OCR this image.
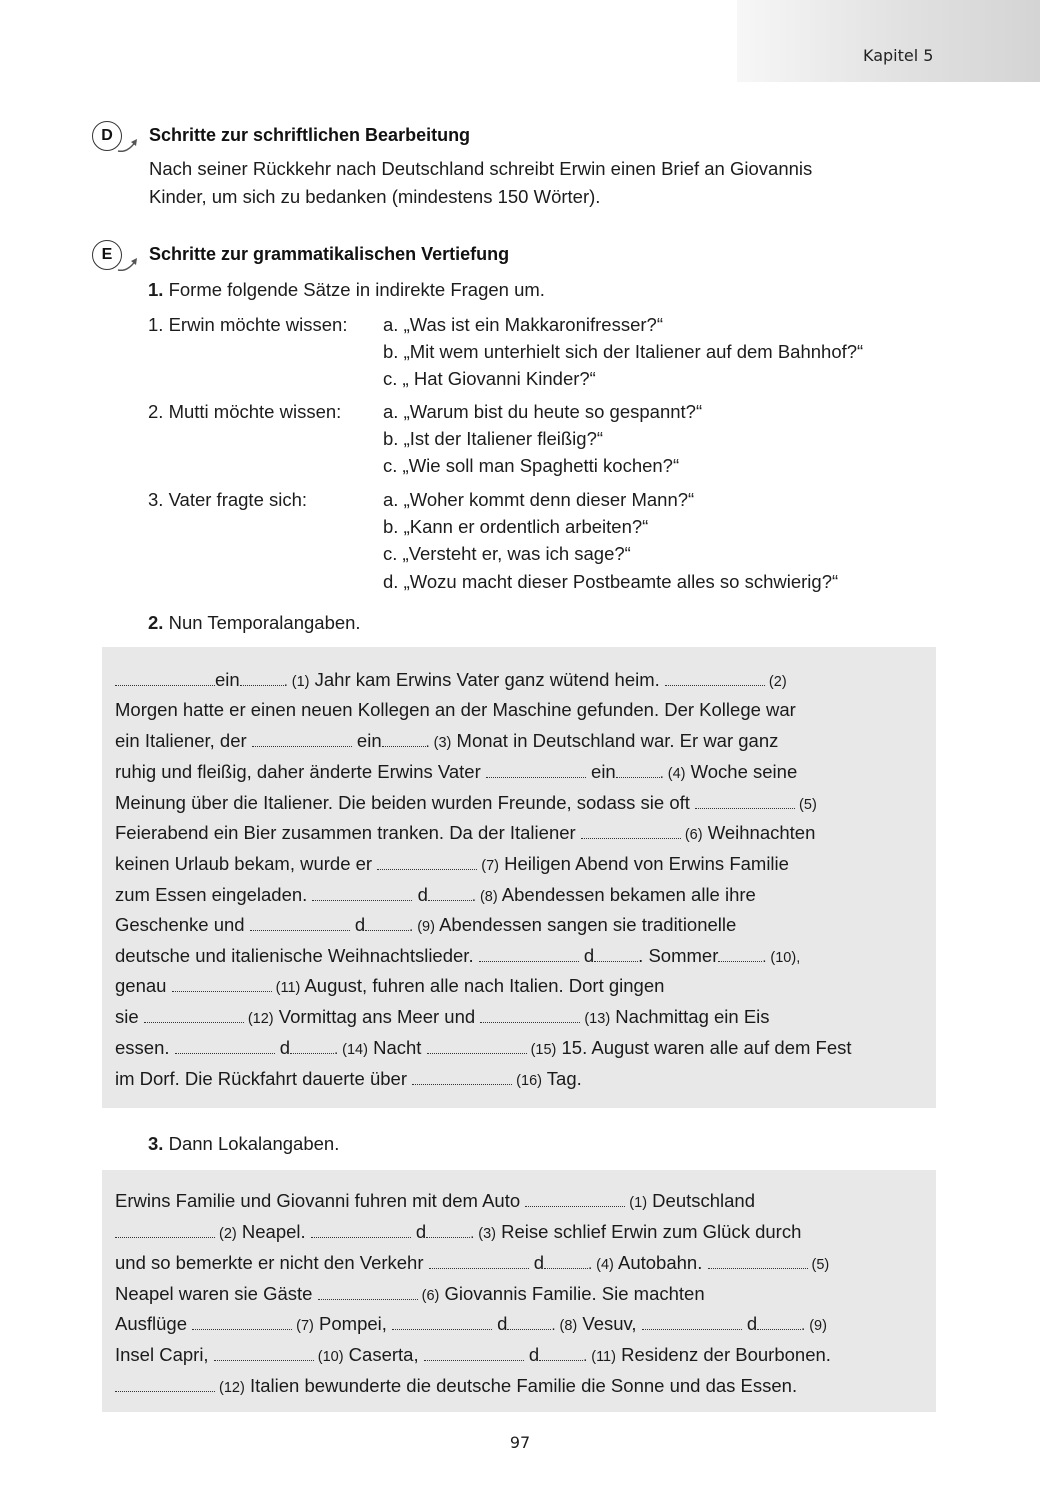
Kapitel 5
D Schritte zur schriftlichen Bearbeitung

Nach seiner Rückkehr nach Deutschland schreibt Erwin einen Brief an Giovannis

Kinder, um sich zu bedanken (mindestens 150 Wörter).

E Schritte zur grammatikalischen Vertiefung
1. Forme folgende Sätze in indirekte Fragen um.
1. Erwin möchte wissen: a. „Was ist ein Makkaronifresser?“
b. „Mit wem unterhielt sich der Italiener auf dem Bahnhof?“
c. „ Hat Giovanni Kinder?“
2. Mutti möchte wissen: a. „Warum bist du heute so gespannt?“
b. „Ist der Italiener fleißig?“
c. „Wie soll man Spaghetti kochen?“
3. Vater fragte sich:	a. „Woher kommt denn dieser Mann?“
b. „Kann er ordentlich arbeiten?“
c. „Versteht er, was ich sage?“
d. „Wozu macht dieser Postbeamte alles so schwierig?“
2. Nun Temporalangaben.
ein	. (1) Jahr kam Erwins Vater ganz wütend heim.	(2)
Morgen hatte er einen neuen Kollegen an der Maschine gefunden. Der Kollege war
ein Italiener, der	ein	. (3) Monat in Deutschland war. Er war ganz
ruhig und fleißig, daher änderte Erwins Vater	ein	. (4) Woche seine
Meinung über die Italiener. Die beiden wurden Freunde, sodass sie oft	(5)
Feierabend ein Bier zusammen tranken. Da der Italiener	(6) Weihnachten
keinen Urlaub bekam, wurde er	(7) Heiligen Abend von Erwins Familie
zum Essen eingeladen.	d	. (8) Abendessen bekamen alle ihre
Geschenke und	d	. (9) Abendessen sangen sie traditionelle
deutsche und italienische Weihnachtslieder.	d . Sommer	. (10),
genau	(11) August, fuhren alle nach Italien. Dort gingen
sie	(12) Vormittag ans Meer und	(13) Nachmittag ein Eis
essen.	d	. (14) Nacht	(15) 15. August waren alle auf dem Fest
im Dorf. Die Rückfahrt dauerte über	(16) Tag.
3. Dann Lokalangaben.
Erwins Familie und Giovanni fuhren mit dem Auto	(1) Deutschland
(2) Neapel.	d	. (3) Reise schlief Erwin zum Glück durch
und so bemerkte er nicht den Verkehr	d	. (4) Autobahn.	(5)
Neapel waren sie Gäste	(6) Giovannis Familie. Sie machten
Ausflüge	(7) Pompei,	d	. (8) Vesuv,	d	. (9)
Insel Capri,	(10) Caserta,	d	. (11) Residenz der Bourbonen.
(12) Italien bewunderte die deutsche Familie die Sonne und das Essen.
97
